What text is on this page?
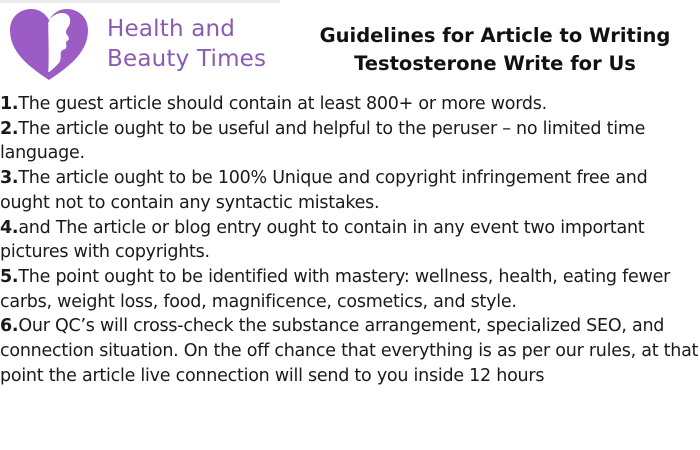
Health and
Beauty Times
Guidelines for Article to Writing
Testosterone Write for Us
1.The guest article should contain at least 800+ or more words.
2.The article ought to be useful and helpful to the peruser – no limited time language.
3.The article ought to be 100% Unique and copyright infringement free and ought not to contain any syntactic mistakes.
4.and The article or blog entry ought to contain in any event two important pictures with copyrights.
5.The point ought to be identified with mastery: wellness, health, eating fewer carbs, weight loss, food, magnificence, cosmetics, and style.
6.Our QC’s will cross-check the substance arrangement, specialized SEO, and connection situation. On the off chance that everything is as per our rules, at that point the article live connection will send to you inside 12 hours
